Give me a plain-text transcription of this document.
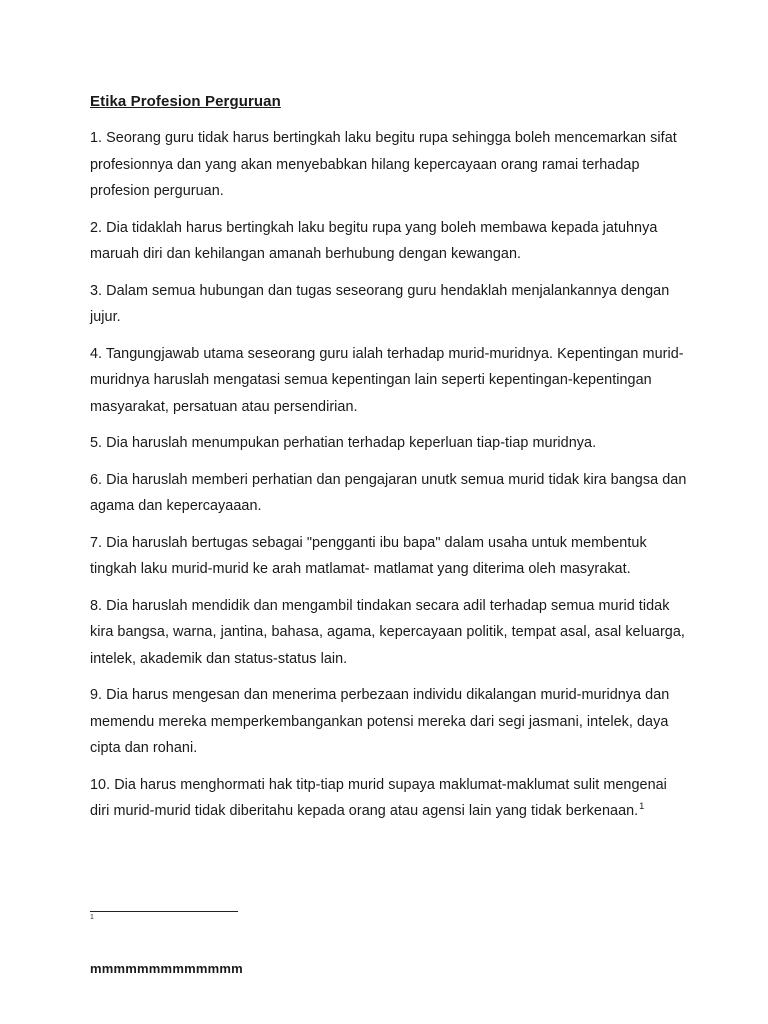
Etika Profesion Perguruan

1. Seorang guru tidak harus bertingkah laku begitu rupa sehingga boleh mencemarkan sifat profesionnya dan yang akan menyebabkan hilang kepercayaan orang ramai terhadap profesion perguruan.

2. Dia tidaklah harus bertingkah laku begitu rupa yang boleh membawa kepada jatuhnya maruah diri dan kehilangan amanah berhubung dengan kewangan.

3. Dalam semua hubungan dan tugas seseorang guru hendaklah menjalankannya dengan jujur.

4. Tangungjawab utama seseorang guru ialah terhadap murid-muridnya. Kepentingan murid-muridnya haruslah mengatasi semua kepentingan lain seperti kepentingan-kepentingan masyarakat, persatuan atau persendirian.

5. Dia haruslah menumpukan perhatian terhadap keperluan tiap-tiap muridnya.

6. Dia haruslah memberi perhatian dan pengajaran unutk semua murid tidak kira bangsa dan agama dan kepercayaaan.

7. Dia haruslah bertugas sebagai "pengganti ibu bapa" dalam usaha untuk membentuk tingkah laku murid-murid ke arah matlamat- matlamat yang diterima oleh masyrakat.

8. Dia haruslah mendidik dan mengambil tindakan secara adil terhadap semua murid tidak kira bangsa, warna, jantina, bahasa, agama, kepercayaan politik, tempat asal, asal keluarga, intelek, akademik dan status-status lain.

9. Dia harus mengesan dan menerima perbezaan individu dikalangan murid-muridnya dan memendu mereka memperkembangankan potensi mereka dari segi jasmani, intelek, daya cipta dan rohani.

10. Dia harus menghormati hak titp-tiap murid supaya maklumat-maklumat sulit mengenai diri murid-murid tidak diberitahu kepada orang atau agensi lain yang tidak berkenaan.$^1$

1
mmmmmmmmmmmmm
